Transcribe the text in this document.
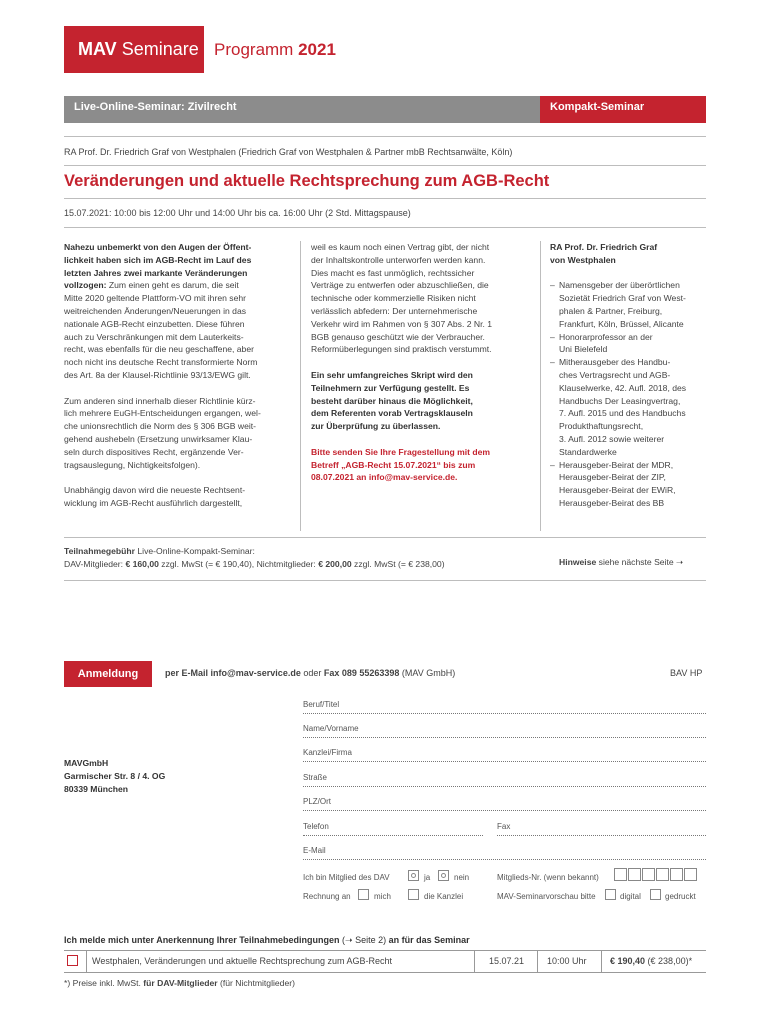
MAV Seminare Programm 2021
Live-Online-Seminar: Zivilrecht	Kompakt-Seminar
RA Prof. Dr. Friedrich Graf von Westphalen (Friedrich Graf von Westphalen & Partner mbB Rechtsanwälte, Köln)
Veränderungen und aktuelle Rechtsprechung zum AGB-Recht
15.07.2021: 10:00 bis 12:00 Uhr und 14:00 Uhr bis ca. 16:00 Uhr (2 Std. Mittagspause)

Nahezu unbemerkt von den Augen der Öffent-
lichkeit haben sich im AGB-Recht im Lauf des
letzten Jahres zwei markante Veränderungen
vollzogen: Zum einen geht es darum, die seit
Mitte 2020 geltende Plattform-VO mit ihren sehr
weitreichenden Änderungen/Neuerungen in das
nationale AGB-Recht einzubetten. Diese führen
auch zu Verschränkungen mit dem Lauterkeits-
recht, was ebenfalls für die neu geschaffene, aber
noch nicht ins deutsche Recht transformierte Norm
des Art. 8a der Klausel-Richtlinie 93/13/EWG gilt.

Zum anderen sind innerhalb dieser Richtlinie kürz-
lich mehrere EuGH-Entscheidungen ergangen, wel-
che unionsrechtlich die Norm des § 306 BGB weit-
gehend aushebeln (Ersetzung unwirksamer Klau-
seln durch dispositives Recht, ergänzende Ver-
tragsauslegung, Nichtigkeitsfolgen).

Unabhängig davon wird die neueste Rechtsent-
wicklung im AGB-Recht ausführlich dargestellt,

weil es kaum noch einen Vertrag gibt, der nicht
der Inhaltskontrolle unterworfen werden kann.
Dies macht es fast unmöglich, rechtssicher
Verträge zu entwerfen oder abzuschließen, die
technische oder kommerzielle Risiken nicht
verlässlich abfedern: Der unternehmerische
Verkehr wird im Rahmen von § 307 Abs. 2 Nr. 1
BGB genauso geschützt wie der Verbraucher.
Reformüberlegungen sind praktisch verstummt.

Ein sehr umfangreiches Skript wird den
Teilnehmern zur Verfügung gestellt. Es
besteht darüber hinaus die Möglichkeit,
dem Referenten vorab Vertragsklauseln
zur Überprüfung zu überlassen.

Bitte senden Sie Ihre Fragestellung mit dem
Betreff „AGB-Recht 15.07.2021“ bis zum
08.07.2021 an info@mav-service.de.

RA Prof. Dr. Friedrich Graf
von Westphalen

– Namensgeber der überörtlichen
Sozietät Friedrich Graf von West-
phalen & Partner, Freiburg,
Frankfurt, Köln, Brüssel, Alicante
– Honorarprofessor an der
Uni Bielefeld
– Mitherausgeber des Handbu-
ches Vertragsrecht und AGB-
Klauselwerke, 42. Aufl. 2018, des
Handbuchs Der Leasingvertrag,
7. Aufl. 2015 und des Handbuchs
Produkthaftungsrecht,
3. Aufl. 2012 sowie weiterer
Standardwerke
– Herausgeber-Beirat der MDR,
Herausgeber-Beirat der ZIP,
Herausgeber-Beirat der EWiR,
Herausgeber-Beirat des BB
Teilnahmegebühr Live-Online-Kompakt-Seminar:
DAV-Mitglieder: € 160,00 zzgl. MwSt (= € 190,40), Nichtmitglieder: € 200,00 zzgl. MwSt (= € 238,00)	Hinweise siehe nächste Seite ➝
Anmeldung	per E-Mail info@mav-service.de oder Fax 089 55263398 (MAV GmbH)	BAV HP
MAVGmbH
Garmischer Str. 8 / 4. OG
80339 München
Beruf/Titel
Name/Vorname
Kanzlei/Firma
Straße
PLZ/Ort
Telefon	Fax
E-Mail
Ich bin Mitglied des DAV	ja	nein	Mitglieds-Nr. (wenn bekannt)
Rechnung an	mich	die Kanzlei	MAV-Seminarvorschau bitte	digital	gedruckt
Ich melde mich unter Anerkennung Ihrer Teilnahmebedingungen (➝ Seite 2) an für das Seminar
Westphalen, Veränderungen und aktuelle Rechtsprechung zum AGB-Recht	15.07.21	10:00 Uhr	€ 190,40 (€ 238,00)*
*) Preise inkl. MwSt. für DAV-Mitglieder (für Nichtmitglieder)
